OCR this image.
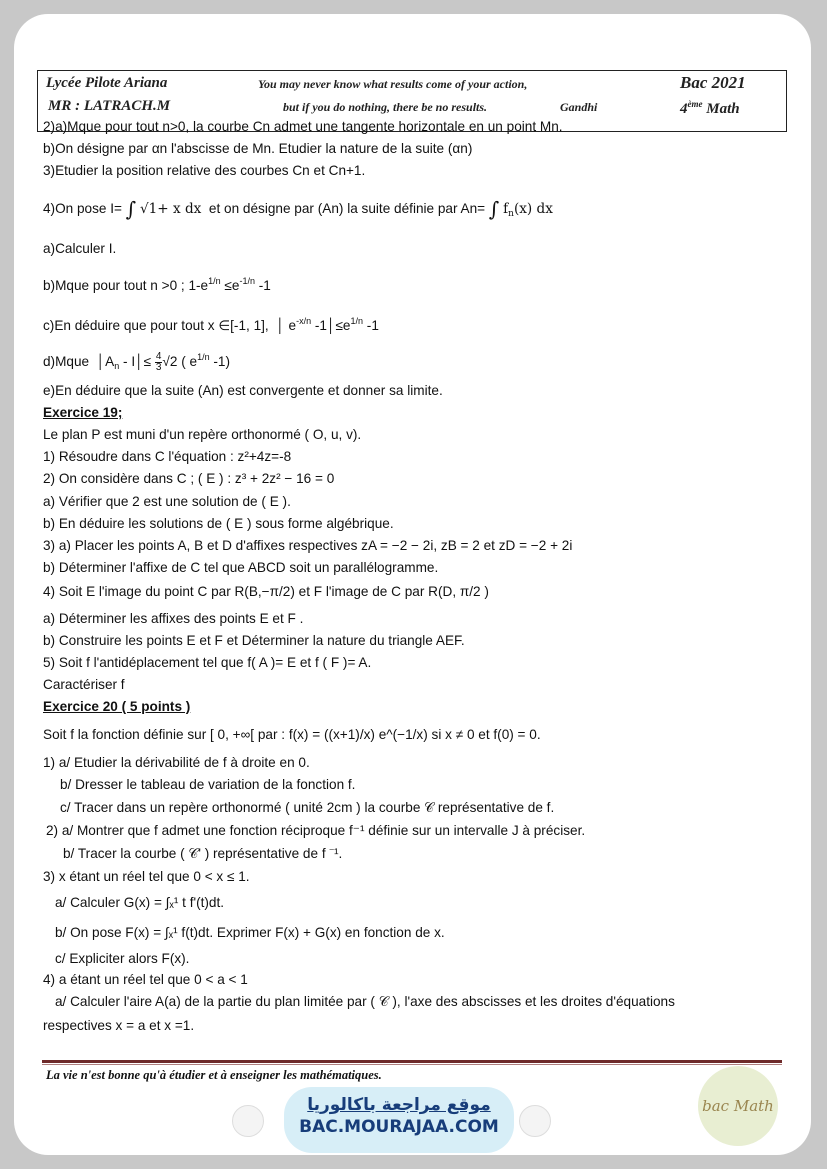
Lycée Pilote Ariana
MR : LATRACH.M
You may never know what results come of your action,
but if you do nothing, there be no results.	Gandhi
Bac 2021
4ème Math
2)a)Mque pour tout n>0, la courbe Cn admet une tangente horizontale en un point Mn.
b)On désigne par αn l'abscisse de Mn. Etudier la nature de la suite (αn)
3)Etudier la position relative des courbes Cn et Cn+1.
4)On pose I= ∫ √1+ x dx et on désigne par (An) la suite définie par An= ∫ $f_n(x)$ dx
a)Calculer I.
b)Mque pour tout n >0 ; $1-e^{1/n} \le e^{-1/n}$ -1
c)En déduire que pour tout x ∈[-1, 1],  │ $e^{-x/n}$ $-1│\le e^{1/n}$ -1
d)Mque  $│A_n$ - I│≤ $\frac{4}{3} √2$ ( $e^{1/n}$ -1)
e)En déduire que la suite (An) est convergente et donner sa limite.
Exercice 19;
Le plan P est muni d'un repère orthonormé ( O, u, v).
1) Résoudre dans C l'équation : z²+4z=-8
2) On considère dans C ; ( E ) : z³ + 2z² − 16 = 0
a) Vérifier que 2 est une solution de ( E ).
b) En déduire les solutions de ( E ) sous forme algébrique.
3) a) Placer les points A, B et D d'affixes respectives zA = −2 − 2i, zB = 2 et zD = −2 + 2i
b) Déterminer l'affixe de C tel que ABCD soit un parallélogramme.
4) Soit E l'image du point C par R(B,−π/2) et F l'image de C par R(D, π/2 )
a) Déterminer les affixes des points E et F .
b) Construire les points E et F et Déterminer la nature du triangle AEF.
5) Soit f l'antidéplacement tel que f( A )= E et f ( F )= A.
Caractériser f
Exercice 20 ( 5 points )
Soit f la fonction définie sur [ 0, +∞[ par : f(x) = ((x+1)/x) e^(−1/x) si x ≠ 0 et f(0) = 0.
1) a/ Etudier la dérivabilité de f à droite en 0.
b/ Dresser le tableau de variation de la fonction f.
c/ Tracer dans un repère orthonormé ( unité 2cm ) la courbe 𝒞 représentative de f.
2) a/ Montrer que f admet une fonction réciproque f⁻¹ définie sur un intervalle J à préciser.
b/ Tracer la courbe ( 𝒞' ) représentative de f ⁻¹.
3) x étant un réel tel que 0 < x ≤ 1.
a/ Calculer G(x) = ∫ₓ¹ t f'(t)dt.
b/ On pose F(x) = ∫ₓ¹ f(t)dt. Exprimer F(x) + G(x) en fonction de x.
c/ Expliciter alors F(x).
4) a étant un réel tel que 0 < a < 1
a/ Calculer l'aire A(a) de la partie du plan limitée par ( 𝒞 ), l'axe des abscisses et les droites d'équations
respectives x = a et x =1.
La vie n'est bonne qu'à étudier et à enseigner les mathématiques.
موقع مراجعة باكالوريا
BAC.MOURAJAA.COM
bac Math
